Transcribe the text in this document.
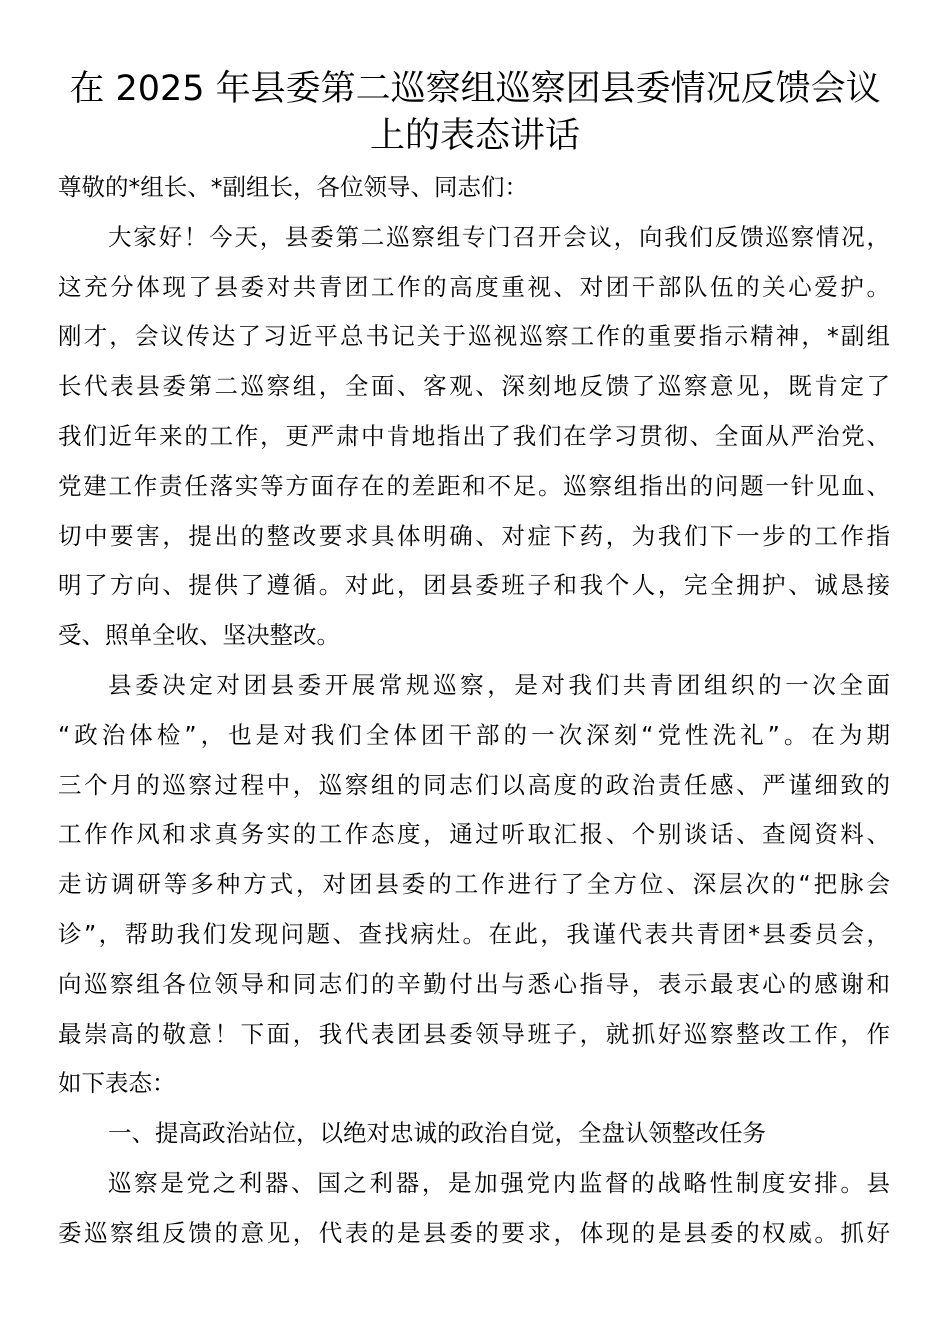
在 2025 年县委第二巡察组巡察团县委情况反馈会议
上的表态讲话
尊敬的*组长、*副组长，各位领导、同志们：
大家好！今天，县委第二巡察组专门召开会议，向我们反馈巡察情况，
这充分体现了县委对共青团工作的高度重视、对团干部队伍的关心爱护。
刚才，会议传达了习近平总书记关于巡视巡察工作的重要指示精神，*副组
长代表县委第二巡察组，全面、客观、深刻地反馈了巡察意见，既肯定了
我们近年来的工作，更严肃中肯地指出了我们在学习贯彻、全面从严治党、
党建工作责任落实等方面存在的差距和不足。巡察组指出的问题一针见血、
切中要害，提出的整改要求具体明确、对症下药，为我们下一步的工作指
明了方向、提供了遵循。对此，团县委班子和我个人，完全拥护、诚恳接
受、照单全收、坚决整改。
县委决定对团县委开展常规巡察，是对我们共青团组织的一次全面
“政治体检”，也是对我们全体团干部的一次深刻“党性洗礼”。在为期
三个月的巡察过程中，巡察组的同志们以高度的政治责任感、严谨细致的
工作作风和求真务实的工作态度，通过听取汇报、个别谈话、查阅资料、
走访调研等多种方式，对团县委的工作进行了全方位、深层次的“把脉会
诊”，帮助我们发现问题、查找病灶。在此，我谨代表共青团*县委员会，
向巡察组各位领导和同志们的辛勤付出与悉心指导，表示最衷心的感谢和
最崇高的敬意！下面，我代表团县委领导班子，就抓好巡察整改工作，作
如下表态：
一、提高政治站位，以绝对忠诚的政治自觉，全盘认领整改任务
巡察是党之利器、国之利器，是加强党内监督的战略性制度安排。县
委巡察组反馈的意见，代表的是县委的要求，体现的是县委的权威。抓好
